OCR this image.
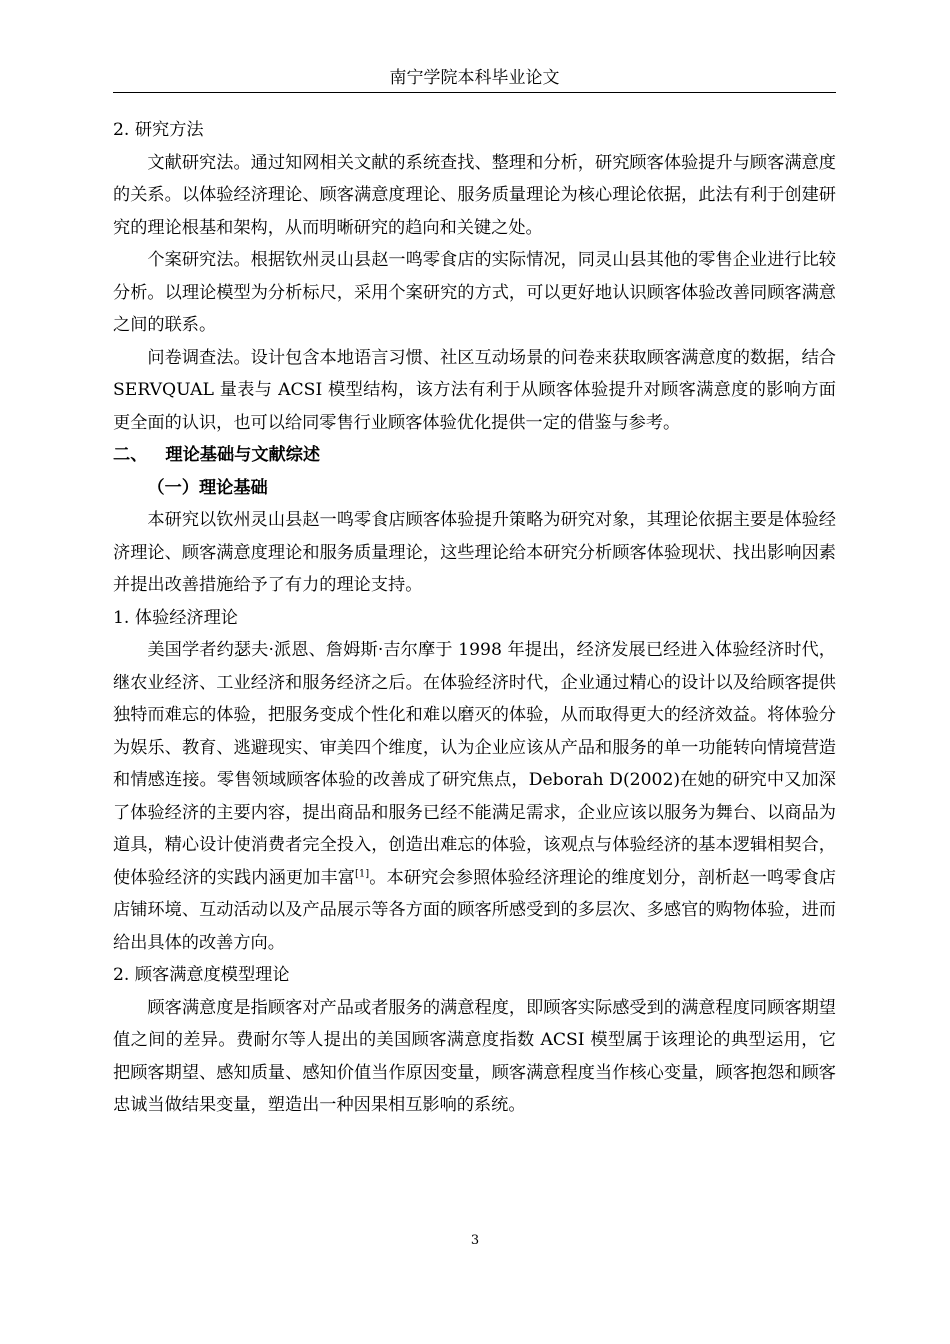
南宁学院本科毕业论文

2. 研究方法

文献研究法。通过知网相关文献的系统查找、整理和分析，研究顾客体验提升与顾客满意度的关系。以体验经济理论、顾客满意度理论、服务质量理论为核心理论依据，此法有利于创建研究的理论根基和架构，从而明晰研究的趋向和关键之处。

个案研究法。根据钦州灵山县赵一鸣零食店的实际情况，同灵山县其他的零售企业进行比较分析。以理论模型为分析标尺，采用个案研究的方式，可以更好地认识顾客体验改善同顾客满意之间的联系。

问卷调查法。设计包含本地语言习惯、社区互动场景的问卷来获取顾客满意度的数据，结合 SERVQUAL 量表与 ACSI 模型结构，该方法有利于从顾客体验提升对顾客满意度的影响方面更全面的认识，也可以给同零售行业顾客体验优化提供一定的借鉴与参考。

二、 理论基础与文献综述

（一）理论基础

本研究以钦州灵山县赵一鸣零食店顾客体验提升策略为研究对象，其理论依据主要是体验经济理论、顾客满意度理论和服务质量理论，这些理论给本研究分析顾客体验现状、找出影响因素并提出改善措施给予了有力的理论支持。

1. 体验经济理论

美国学者约瑟夫·派恩、詹姆斯·吉尔摩于 1998 年提出，经济发展已经进入体验经济时代，继农业经济、工业经济和服务经济之后。在体验经济时代，企业通过精心的设计以及给顾客提供独特而难忘的体验，把服务变成个性化和难以磨灭的体验，从而取得更大的经济效益。将体验分为娱乐、教育、逃避现实、审美四个维度，认为企业应该从产品和服务的单一功能转向情境营造和情感连接。零售领域顾客体验的改善成了研究焦点，Deborah D(2002)在她的研究中又加深了体验经济的主要内容，提出商品和服务已经不能满足需求，企业应该以服务为舞台、以商品为道具，精心设计使消费者完全投入，创造出难忘的体验，该观点与体验经济的基本逻辑相契合，使体验经济的实践内涵更加丰富[1]。本研究会参照体验经济理论的维度划分，剖析赵一鸣零食店店铺环境、互动活动以及产品展示等各方面的顾客所感受到的多层次、多感官的购物体验，进而给出具体的改善方向。

2. 顾客满意度模型理论

顾客满意度是指顾客对产品或者服务的满意程度，即顾客实际感受到的满意程度同顾客期望值之间的差异。费耐尔等人提出的美国顾客满意度指数 ACSI 模型属于该理论的典型运用，它把顾客期望、感知质量、感知价值当作原因变量，顾客满意程度当作核心变量，顾客抱怨和顾客忠诚当做结果变量，塑造出一种因果相互影响的系统。

3
